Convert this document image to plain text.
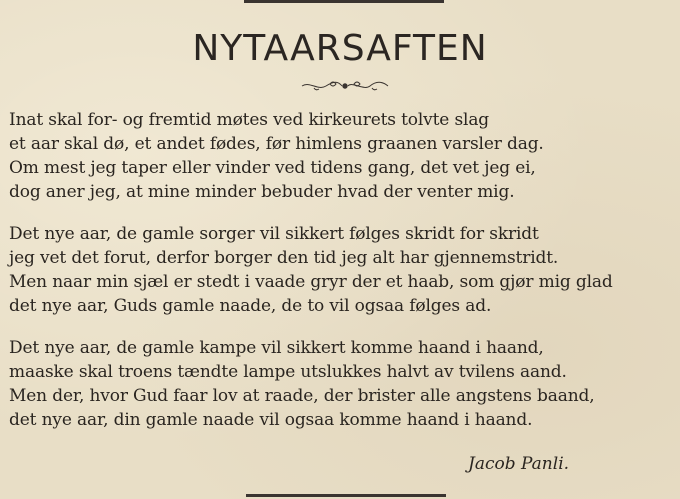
NYTAARSAFTEN
Inat skal for- og fremtid møtes ved kirkeurets tolvte slag
et aar skal dø, et andet fødes, før himlens graanen varsler dag.
Om mest jeg taper eller vinder ved tidens gang, det vet jeg ei,
dog aner jeg, at mine minder bebuder hvad der venter mig.
Det nye aar, de gamle sorger vil sikkert følges skridt for skridt
jeg vet det forut, derfor borger den tid jeg alt har gjennemstridt.
Men naar min sjæl er stedt i vaade gryr der et haab, som gjør mig glad
det nye aar, Guds gamle naade, de to vil ogsaa følges ad.
Det nye aar, de gamle kampe vil sikkert komme haand i haand,
maaske skal troens tændte lampe utslukkes halvt av tvilens aand.
Men der, hvor Gud faar lov at raade, der brister alle angstens baand,
det nye aar, din gamle naade vil ogsaa komme haand i haand.
Jacob Panli.
